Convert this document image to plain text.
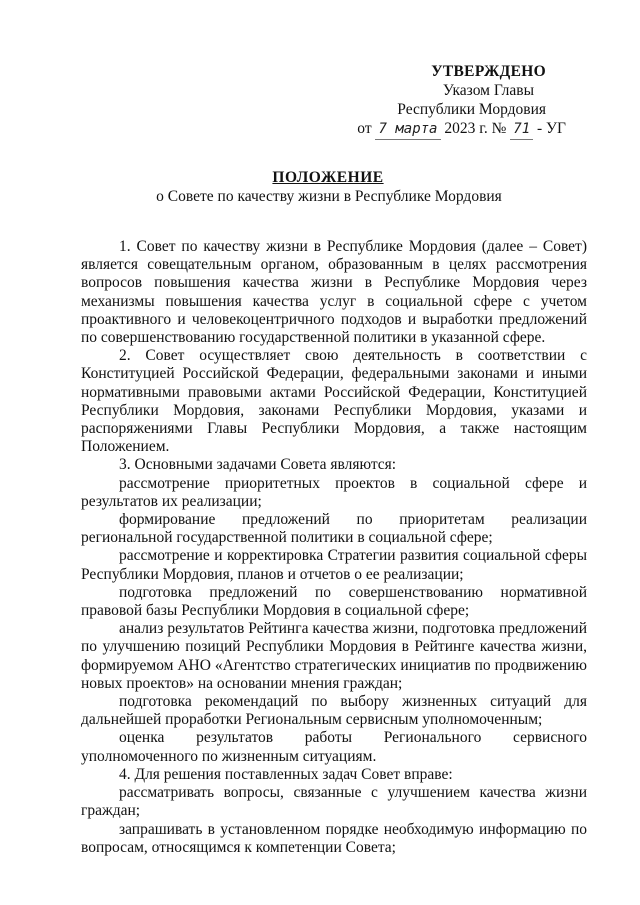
УТВЕРЖДЕНО
Указом Главы
Республики Мордовия
от 7 марта 2023 г. № 71 - УГ
ПОЛОЖЕНИЕ
о Совете по качеству жизни в Республике Мордовия

1. Совет по качеству жизни в Республике Мордовия (далее – Совет) является совещательным органом, образованным в целях рассмотрения вопросов повышения качества жизни в Республике Мордовия через механизмы повышения качества услуг в социальной сфере с учетом проактивного и человекоцентричного подходов и выработки предложений по совершенствованию государственной политики в указанной сфере.

2. Совет осуществляет свою деятельность в соответствии с Конституцией Российской Федерации, федеральными законами и иными нормативными правовыми актами Российской Федерации, Конституцией Республики Мордовия, законами Республики Мордовия, указами и распоряжениями Главы Республики Мордовия, а также настоящим Положением.

3. Основными задачами Совета являются:

рассмотрение приоритетных проектов в социальной сфере и результатов их реализации;

формирование предложений по приоритетам реализации региональной государственной политики в социальной сфере;

рассмотрение и корректировка Стратегии развития социальной сферы Республики Мордовия, планов и отчетов о ее реализации;

подготовка предложений по совершенствованию нормативной правовой базы Республики Мордовия в социальной сфере;

анализ результатов Рейтинга качества жизни, подготовка предложений по улучшению позиций Республики Мордовия в Рейтинге качества жизни, формируемом АНО «Агентство стратегических инициатив по продвижению новых проектов» на основании мнения граждан;

подготовка рекомендаций по выбору жизненных ситуаций для дальнейшей проработки Региональным сервисным уполномоченным;

оценка результатов работы Регионального сервисного уполномоченного по жизненным ситуациям.

4. Для решения поставленных задач Совет вправе:

рассматривать вопросы, связанные с улучшением качества жизни граждан;

запрашивать в установленном порядке необходимую информацию по вопросам, относящимся к компетенции Совета;
